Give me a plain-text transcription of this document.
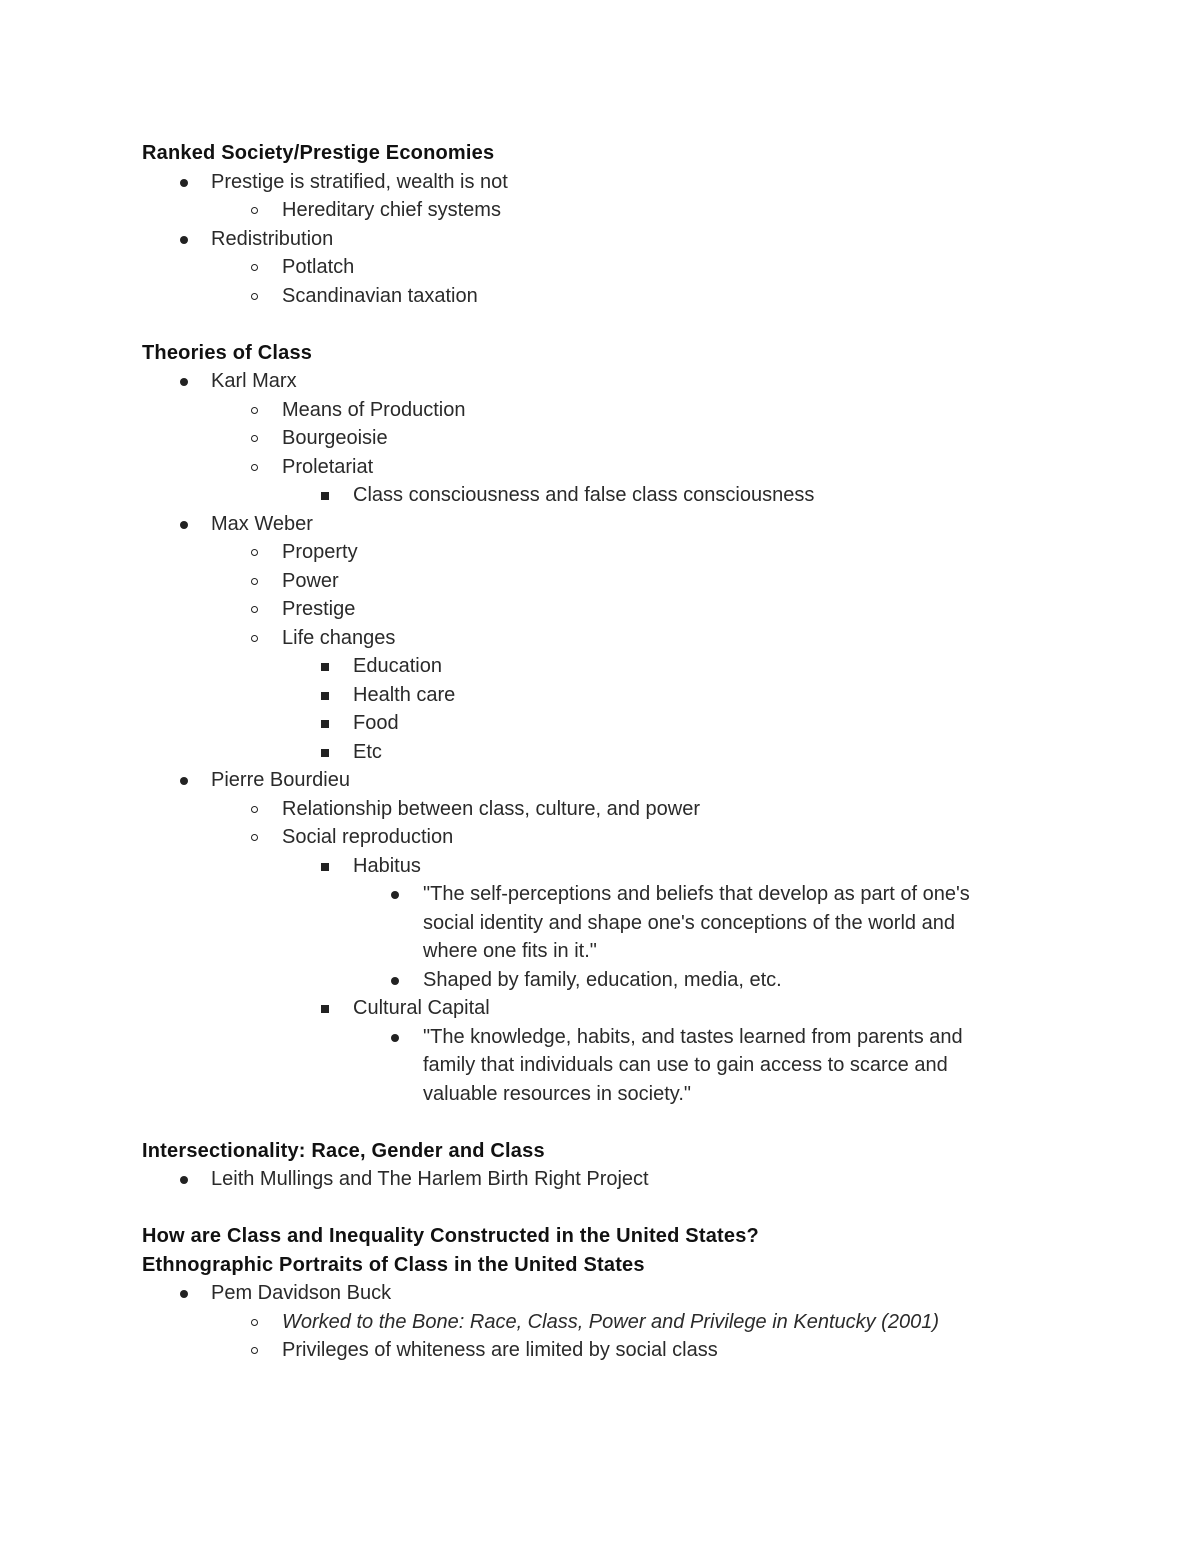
Ranked Society/Prestige Economies
Prestige is stratified, wealth is not
Hereditary chief systems
Redistribution
Potlatch
Scandinavian taxation
Theories of Class
Karl Marx
Means of Production
Bourgeoisie
Proletariat
Class consciousness and false class consciousness
Max Weber
Property
Power
Prestige
Life changes
Education
Health care
Food
Etc
Pierre Bourdieu
Relationship between class, culture, and power
Social reproduction
Habitus
"The self-perceptions and beliefs that develop as part of one's
social identity and shape one's conceptions of the world and
where one fits in it."
Shaped by family, education, media, etc.
Cultural Capital
"The knowledge, habits, and tastes learned from parents and
family that individuals can use to gain access to scarce and
valuable resources in society."
Intersectionality: Race, Gender and Class
Leith Mullings and The Harlem Birth Right Project
How are Class and Inequality Constructed in the United States?
Ethnographic Portraits of Class in the United States
Pem Davidson Buck
Worked to the Bone: Race, Class, Power and Privilege in Kentucky (2001)
Privileges of whiteness are limited by social class
